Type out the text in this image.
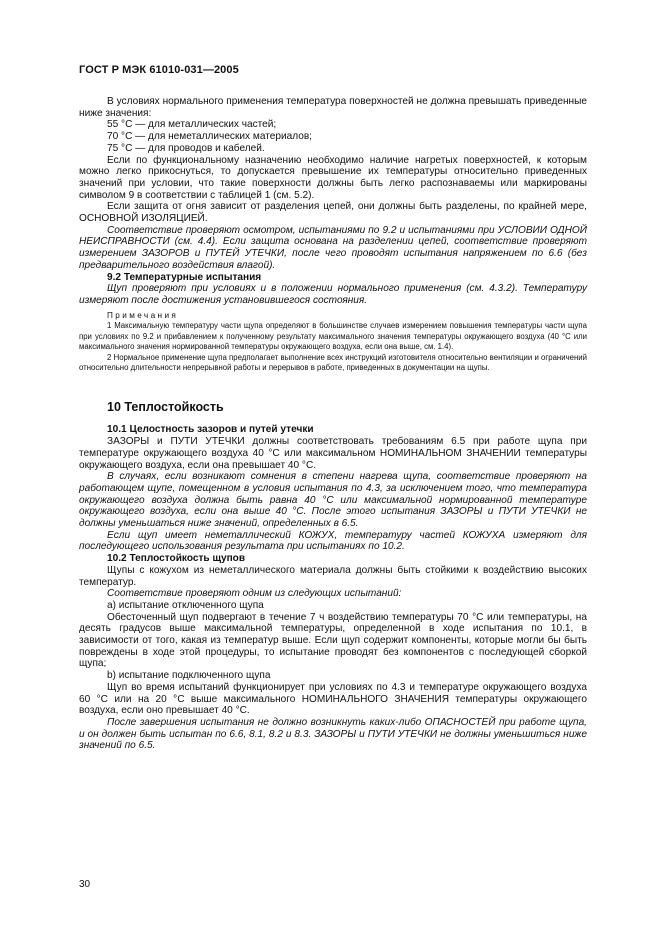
ГОСТ Р МЭК 61010-031—2005

В условиях нормального применения температура поверхностей не должна превышать приведенные ниже значения:

55 °С — для металлических частей;

70 °С — для неметаллических материалов;

75 °С — для проводов и кабелей.

Если по функциональному назначению необходимо наличие нагретых поверхностей, к которым можно легко прикоснуться, то допускается превышение их температуры относительно приведенных значений при условии, что такие поверхности должны быть легко распознаваемы или маркированы символом 9 в соответствии с таблицей 1 (см. 5.2).

Если защита от огня зависит от разделения цепей, они должны быть разделены, по крайней мере, ОСНОВНОЙ ИЗОЛЯЦИЕЙ.

Соответствие проверяют осмотром, испытаниями по 9.2 и испытаниями при УСЛОВИИ ОДНОЙ НЕИСПРАВНОСТИ (см. 4.4). Если защита основана на разделении цепей, соответствие проверяют измерением ЗАЗОРОВ и ПУТЕЙ УТЕЧКИ, после чего проводят испытания напряжением по 6.6 (без предварительного воздействия влагой).

9.2 Температурные испытания

Щуп проверяют при условиях и в положении нормального применения (см. 4.3.2). Температуру измеряют после достижения установившегося состояния.

Примечания

1 Максимальную температуру части щупа определяют в большинстве случаев измерением повышения температуры части щупа при условиях по 9.2 и прибавлением к полученному результату максимального значения температуры окружающего воздуха (40 °С или максимального значения нормированной температуры окружающего воздуха, если она выше, см. 1.4).

2 Нормальное применение щупа предполагает выполнение всех инструкций изготовителя относительно вентиляции и ограничений относительно длительности непрерывной работы и перерывов в работе, приведенных в документации на щупы.

10 Теплостойкость

10.1 Целостность зазоров и путей утечки

ЗАЗОРЫ и ПУТИ УТЕЧКИ должны соответствовать требованиям 6.5 при работе щупа при температуре окружающего воздуха 40 °С или максимальном НОМИНАЛЬНОМ ЗНАЧЕНИИ температуры окружающего воздуха, если она превышает 40 °С.

В случаях, если возникают сомнения в степени нагрева щупа, соответствие проверяют на работающем щупе, помещенном в условия испытания по 4.3, за исключением того, что температура окружающего воздуха должна быть равна 40 °С или максимальной нормированной температуре окружающего воздуха, если она выше 40 °С. После этого испытания ЗАЗОРЫ и ПУТИ УТЕЧКИ не должны уменьшаться ниже значений, определенных в 6.5.

Если щуп имеет неметаллический КОЖУХ, температуру частей КОЖУХА измеряют для последующего использования результата при испытаниях по 10.2.

10.2 Теплостойкость щупов

Щупы с кожухом из неметаллического материала должны быть стойкими к воздействию высоких температур.

Соответствие проверяют одним из следующих испытаний:

а) испытание отключенного щупа

Обесточенный щуп подвергают в течение 7 ч воздействию температуры 70 °С или температуры, на десять градусов выше максимальной температуры, определенной в ходе испытания по 10.1, в зависимости от того, какая из температур выше. Если щуп содержит компоненты, которые могли бы быть повреждены в ходе этой процедуры, то испытание проводят без компонентов с последующей сборкой щупа;

b) испытание подключенного щупа

Щуп во время испытаний функционирует при условиях по 4.3 и температуре окружающего воздуха 60 °С или на 20 °С выше максимального НОМИНАЛЬНОГО ЗНАЧЕНИЯ температуры окружающего воздуха, если оно превышает 40 °С.

После завершения испытания не должно возникнуть каких-либо ОПАСНОСТЕЙ при работе щупа, и он должен быть испытан по 6.6, 8.1, 8.2 и 8.3. ЗАЗОРЫ и ПУТИ УТЕЧКИ не должны уменьшиться ниже значений по 6.5.

30
